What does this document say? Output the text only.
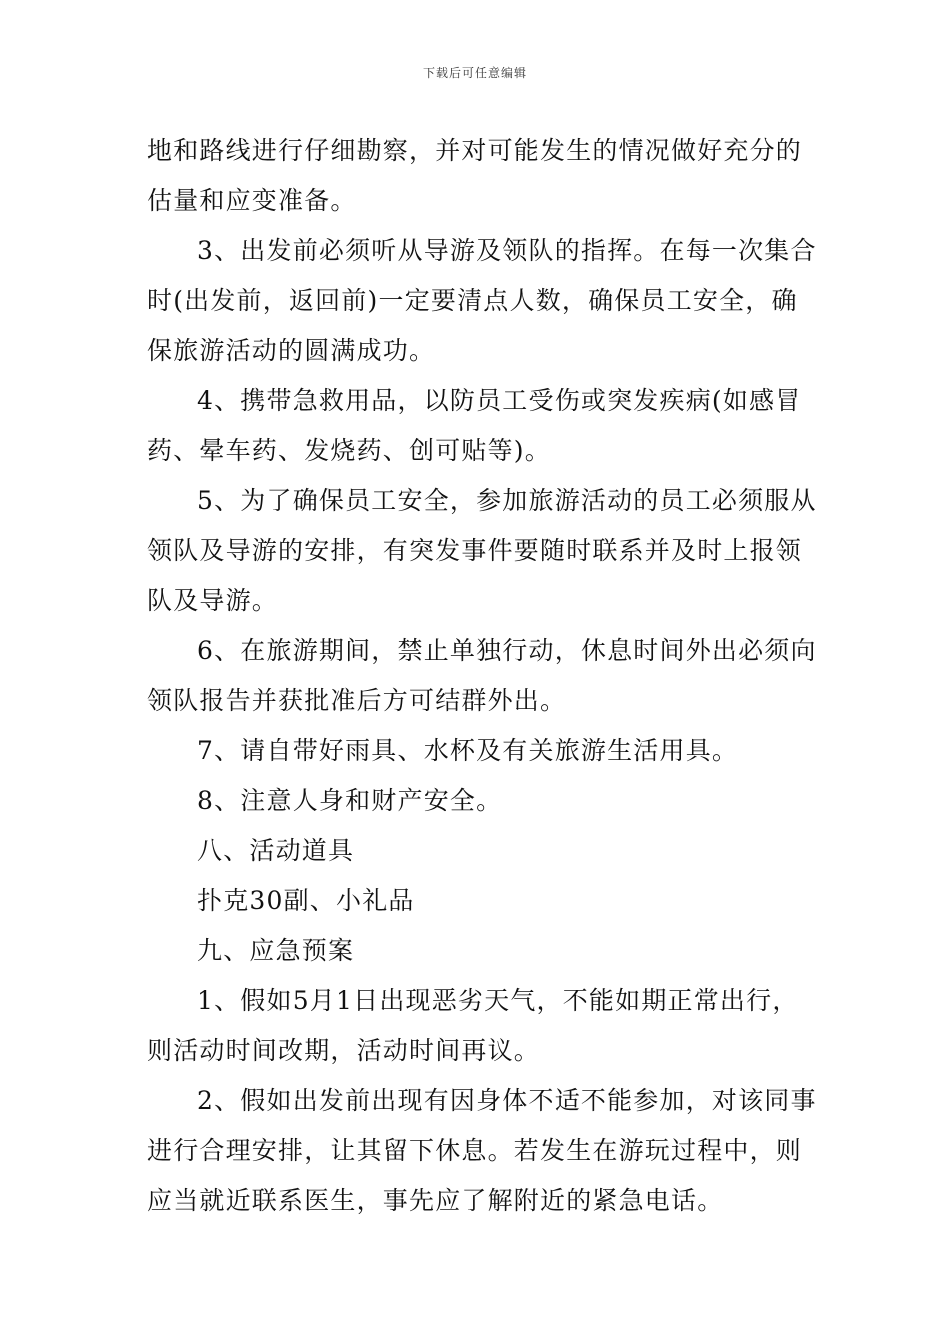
下载后可任意编辑
地和路线进行仔细勘察，并对可能发生的情况做好充分的
估量和应变准备。
3、出发前必须听从导游及领队的指挥。在每一次集合
时(出发前，返回前)一定要清点人数，确保员工安全，确
保旅游活动的圆满成功。
4、携带急救用品，以防员工受伤或突发疾病(如感冒
药、晕车药、发烧药、创可贴等)。
5、为了确保员工安全，参加旅游活动的员工必须服从
领队及导游的安排，有突发事件要随时联系并及时上报领
队及导游。
6、在旅游期间，禁止单独行动，休息时间外出必须向
领队报告并获批准后方可结群外出。
7、请自带好雨具、水杯及有关旅游生活用具。
8、注意人身和财产安全。
八、活动道具
扑克30副、小礼品
九、应急预案
1、假如5月1日出现恶劣天气，不能如期正常出行，
则活动时间改期，活动时间再议。
2、假如出发前出现有因身体不适不能参加，对该同事
进行合理安排，让其留下休息。若发生在游玩过程中，则
应当就近联系医生，事先应了解附近的紧急电话。
